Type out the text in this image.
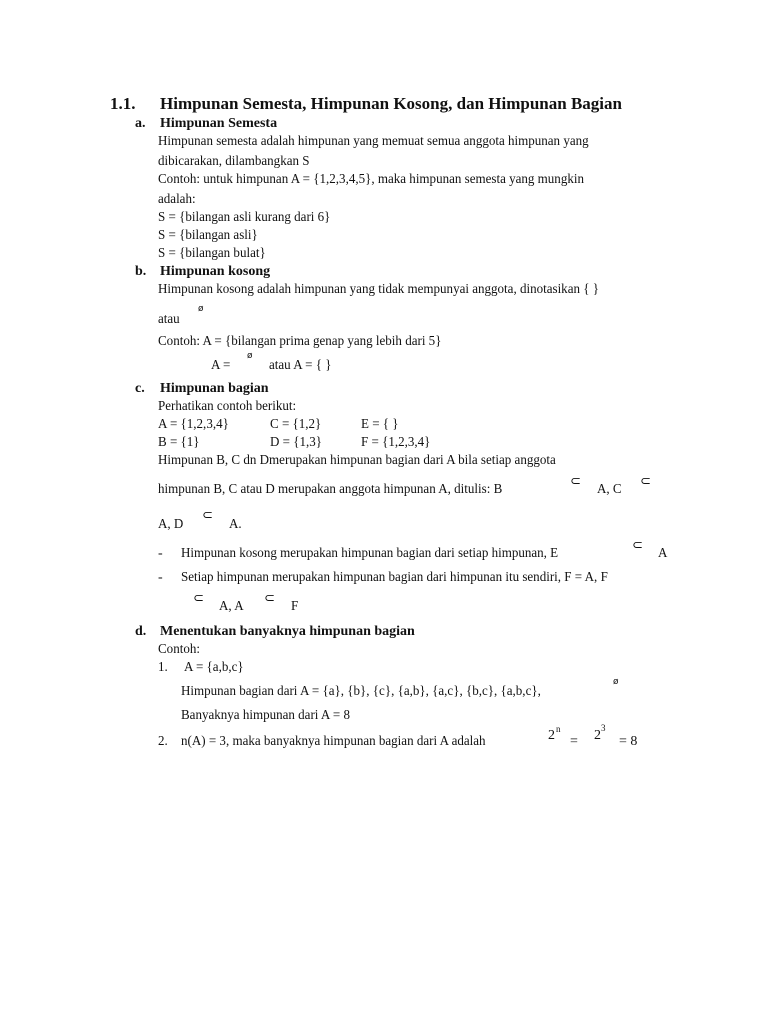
1.1. Himpunan Semesta, Himpunan Kosong, dan Himpunan Bagian
a. Himpunan Semesta
Himpunan semesta adalah himpunan yang memuat semua anggota himpunan yang
dibicarakan, dilambangkan S
Contoh: untuk himpunan A = {1,2,3,4,5}, maka himpunan semesta yang mungkin
adalah:
S = {bilangan asli kurang dari 6}
S = {bilangan asli}
S = {bilangan bulat}
b. Himpunan kosong
Himpunan kosong adalah himpunan yang tidak mempunyai anggota, dinotasikan { }
ø
atau
Contoh: A = {bilangan prima genap yang lebih dari 5}
A =
ø
atau A = { }
c. Himpunan bagian
Perhatikan contoh berikut:
A = {1,2,3,4}	C = {1,2}	E = { }
B = {1}	D = {1,3}	F = {1,2,3,4}
Himpunan B, C dn Dmerupakan himpunan bagian dari A bila setiap anggota
himpunan B, C atau D merupakan anggota himpunan A, ditulis: B
⊂
A, C
⊂
A, D
⊂
A.
- Himpunan kosong merupakan himpunan bagian dari setiap himpunan, E
⊂
A
- Setiap himpunan merupakan himpunan bagian dari himpunan itu sendiri, F = A, F
⊂
A, A
⊂
F
d. Menentukan banyaknya himpunan bagian
Contoh:
1. A = {a,b,c}
Himpunan bagian dari A = {a}, {b}, {c}, {a,b}, {a,c}, {b,c}, {a,b,c},
ø
Banyaknya himpunan dari A = 8
2. n(A) = 3, maka banyaknya himpunan bagian dari A adalah	2 n
= 2 3
= 8
